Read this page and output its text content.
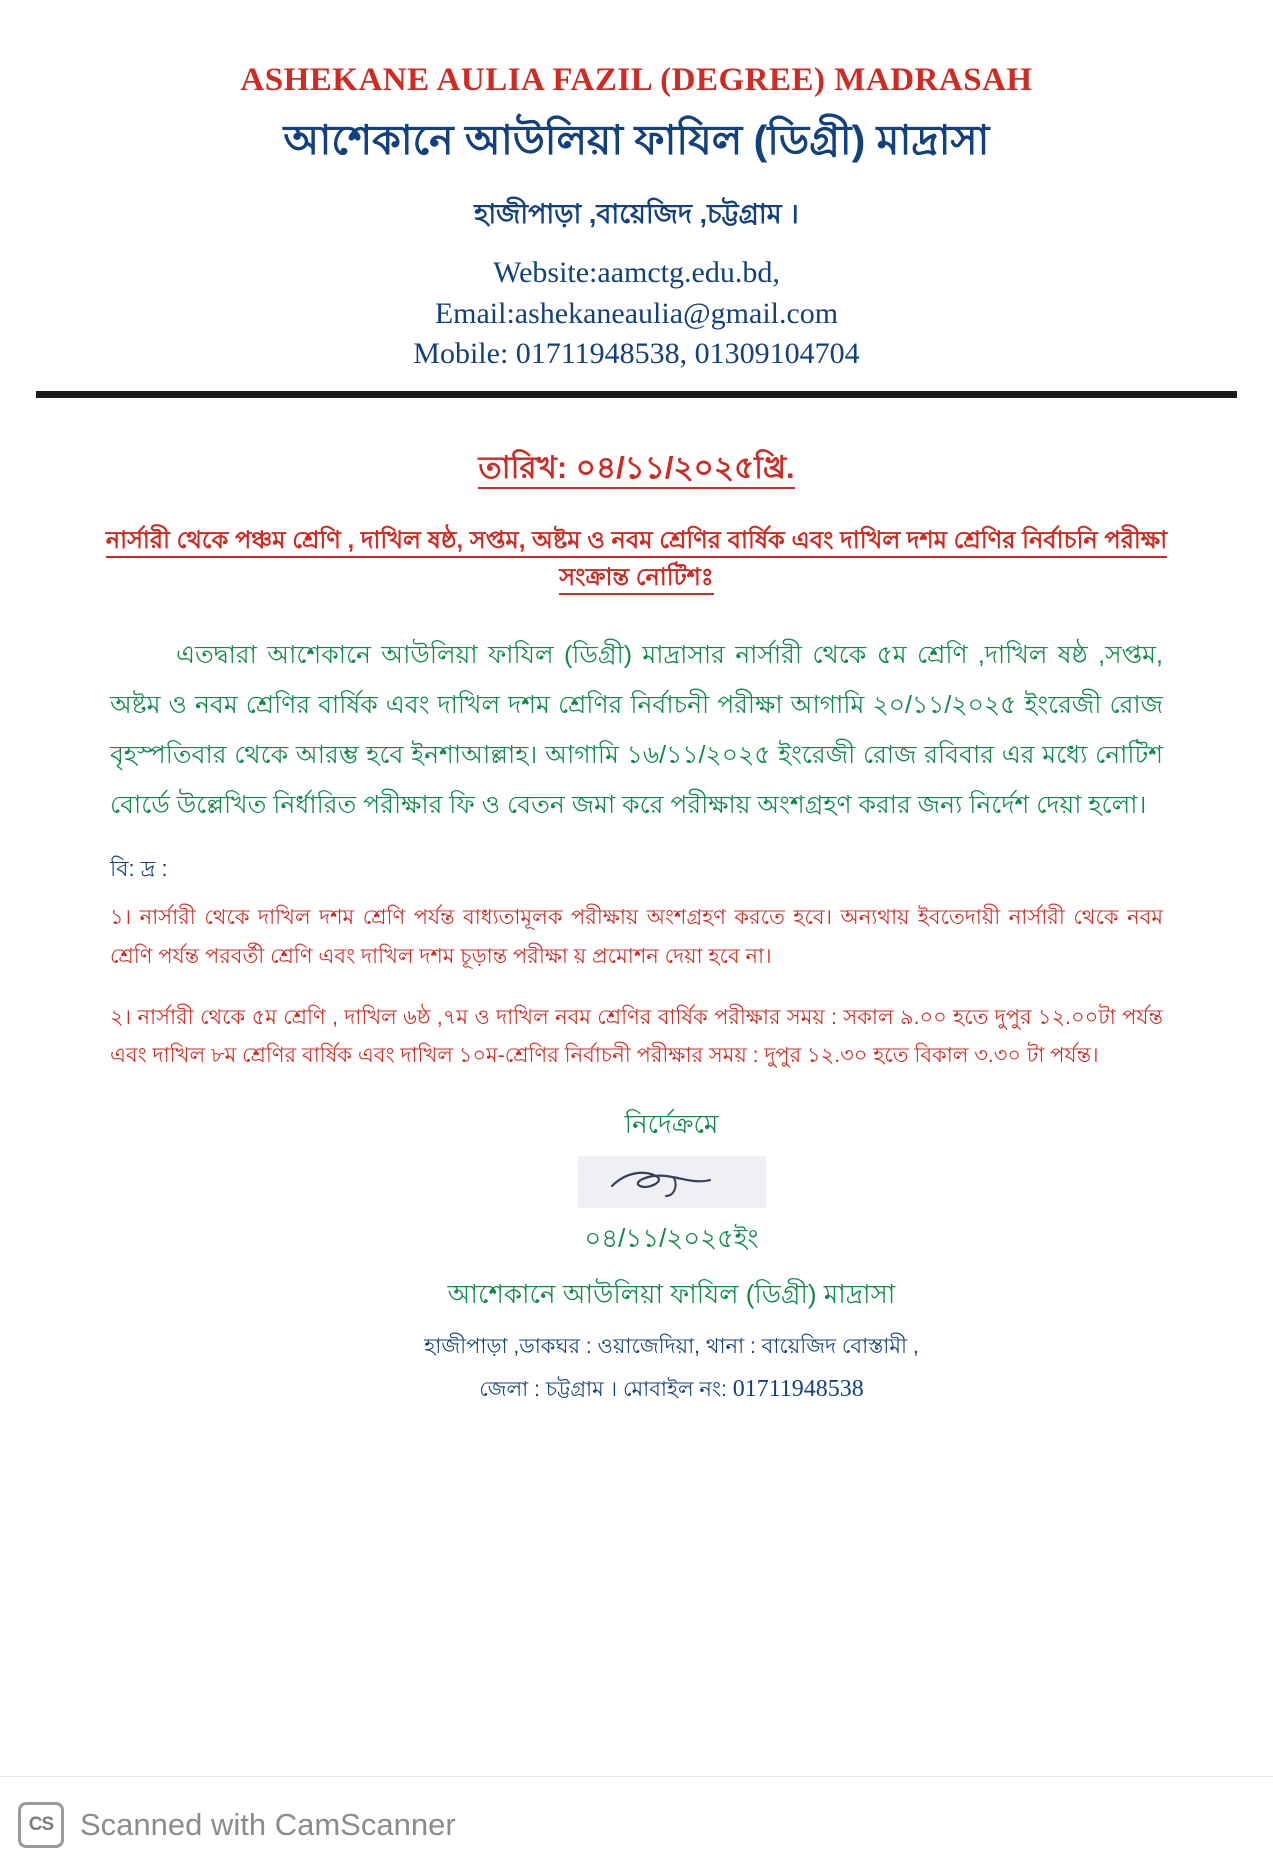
ASHEKANE AULIA FAZIL (DEGREE) MADRASAH
আশেকানে আউলিয়া ফাযিল (ডিগ্রী) মাদ্রাসা
হাজীপাড়া ,বায়েজিদ ,চট্টগ্রাম ।
Website:aamctg.edu.bd,
Email:ashekaneaulia@gmail.com
Mobile: 01711948538, 01309104704
তারিখ: ০৪/১১/২০২৫খ্রি.
নার্সারী থেকে পঞ্চম শ্রেণি , দাখিল ষষ্ঠ, সপ্তম, অষ্টম ও নবম শ্রেণির বার্ষিক এবং দাখিল দশম শ্রেণির নির্বাচনি পরীক্ষা সংক্রান্ত নোটিশঃ
এতদ্বারা আশেকানে আউলিয়া ফাযিল (ডিগ্রী) মাদ্রাসার নার্সারী থেকে ৫ম শ্রেণি ,দাখিল ষষ্ঠ ,সপ্তম, অষ্টম ও নবম শ্রেণির বার্ষিক এবং দাখিল দশম শ্রেণির নির্বাচনী পরীক্ষা আগামি ২০/১১/২০২৫ ইংরেজী রোজ বৃহস্পতিবার থেকে আরম্ভ হবে ইনশাআল্লাহ। আগামি ১৬/১১/২০২৫ ইংরেজী রোজ রবিবার এর মধ্যে নোটিশ বোর্ডে উল্লেখিত নির্ধারিত পরীক্ষার ফি ও বেতন জমা করে পরীক্ষায় অংশগ্রহণ করার জন্য নির্দেশ দেয়া হলো।
বি: দ্র :
১। নার্সারী থেকে দাখিল দশম শ্রেণি পর্যন্ত বাধ্যতামূলক পরীক্ষায় অংশগ্রহণ করতে হবে। অন্যথায় ইবতেদায়ী নার্সারী থেকে নবম শ্রেণি পর্যন্ত পরবর্তী শ্রেণি এবং দাখিল দশম চূড়ান্ত পরীক্ষা য় প্রমোশন দেয়া হবে না।
২। নার্সারী থেকে ৫ম শ্রেণি , দাখিল ৬ষ্ঠ ,৭ম ও দাখিল নবম শ্রেণির বার্ষিক পরীক্ষার সময় : সকাল ৯.০০ হতে দুপুর ১২.০০টা পর্যন্ত এবং দাখিল ৮ম শ্রেণির বার্ষিক এবং দাখিল ১০ম-শ্রেণির নির্বাচনী পরীক্ষার সময় : দুপুর ১২.৩০ হতে বিকাল ৩.৩০ টা পর্যন্ত।
নির্দেক্রমে
০৪/১১/২০২৫ইং
আশেকানে আউলিয়া ফাযিল (ডিগ্রী) মাদ্রাসা
হাজীপাড়া ,ডাকঘর : ওয়াজেদিয়া, থানা : বায়েজিদ বোস্তামী ,
জেলা : চট্টগ্রাম । মোবাইল নং: 01711948538
CS Scanned with CamScanner
